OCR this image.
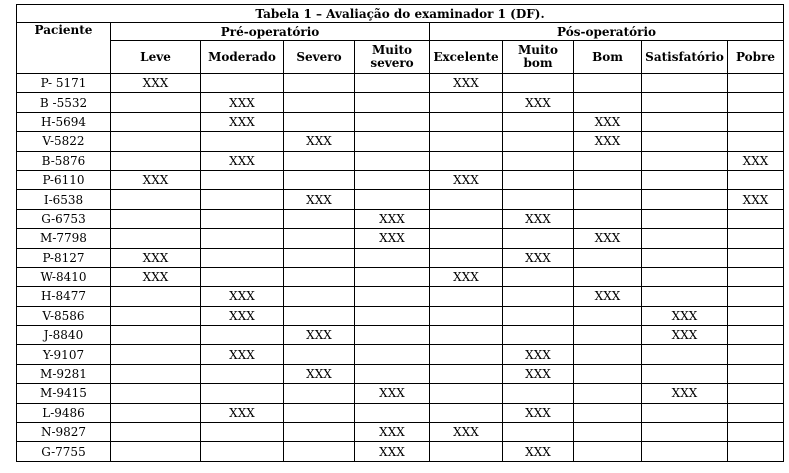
Tabela 1 – Avaliação do examinador 1 (DF).									
Paciente	Pré-operatório				Pós-operatório				
	Leve	Moderado	Severo	Muito severo	Excelente	Muito bom	Bom	Satisfatório	Pobre
P- 5171	XXX				XXX				
B -5532		XXX				XXX			
H-5694		XXX					XXX		
V-5822			XXX				XXX		
B-5876		XXX							XXX
P-6110	XXX				XXX				
I-6538			XXX						XXX
G-6753				XXX		XXX			
M-7798				XXX			XXX		
P-8127	XXX					XXX			
W-8410	XXX				XXX				
H-8477		XXX					XXX		
V-8586		XXX						XXX	
J-8840			XXX					XXX	
Y-9107		XXX				XXX			
M-9281			XXX			XXX			
M-9415				XXX				XXX	
L-9486		XXX				XXX			
N-9827				XXX	XXX				
G-7755				XXX		XXX			
